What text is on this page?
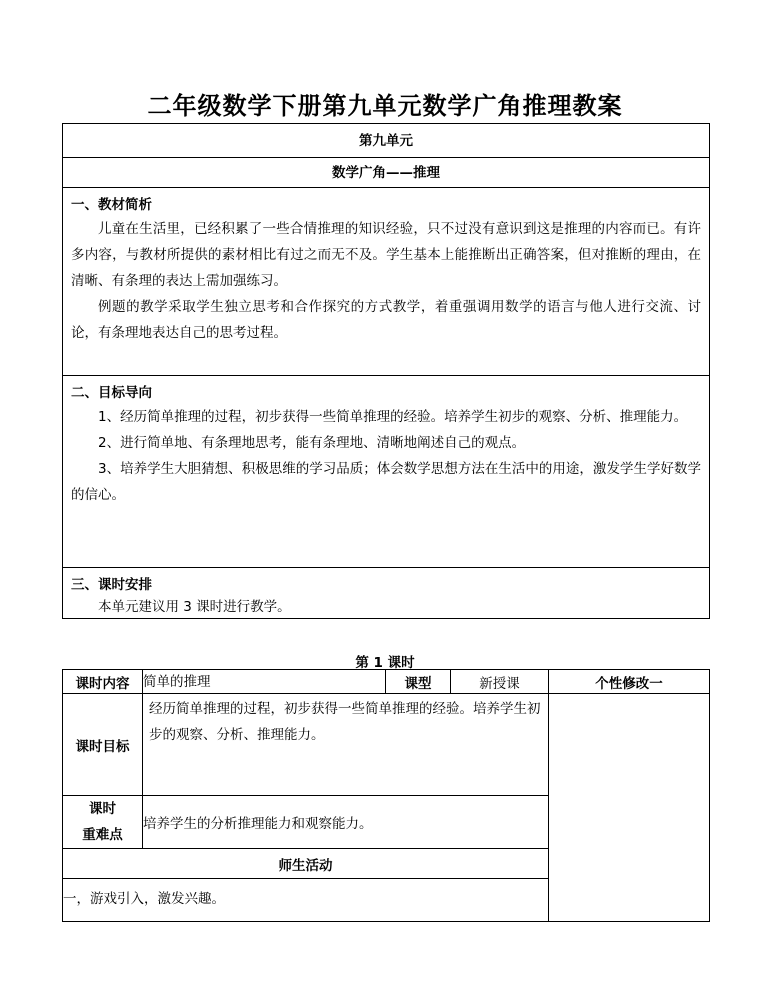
二年级数学下册第九单元数学广角推理教案
第九单元
数学广角——推理

一、教材简析

儿童在生活里，已经积累了一些合情推理的知识经验，只不过没有意识到这是推理的内容而已。有许多内容，与教材所提供的素材相比有过之而无不及。学生基本上能推断出正确答案，但对推断的理由，在清晰、有条理的表达上需加强练习。

例题的教学采取学生独立思考和合作探究的方式教学，着重强调用数学的语言与他人进行交流、讨论，有条理地表达自己的思考过程。

二、目标导向

1、经历简单推理的过程，初步获得一些简单推理的经验。培养学生初步的观察、分析、推理能力。

2、进行简单地、有条理地思考，能有条理地、清晰地阐述自己的观点。

3、培养学生大胆猜想、积极思维的学习品质；体会数学思想方法在生活中的用途，激发学生学好数学的信心。

三、课时安排

本单元建议用 3 课时进行教学。

第 1 课时
课时内容	简单的推理	课型	新授课	个性修改一
课时目标	经历简单推理的过程，初步获得一些简单推理的经验。培养学生初步的观察、分析、推理能力。			

课时
重难点	培养学生的分析推理能力和观察能力。			
师生活动				
一，游戏引入，激发兴趣。				
